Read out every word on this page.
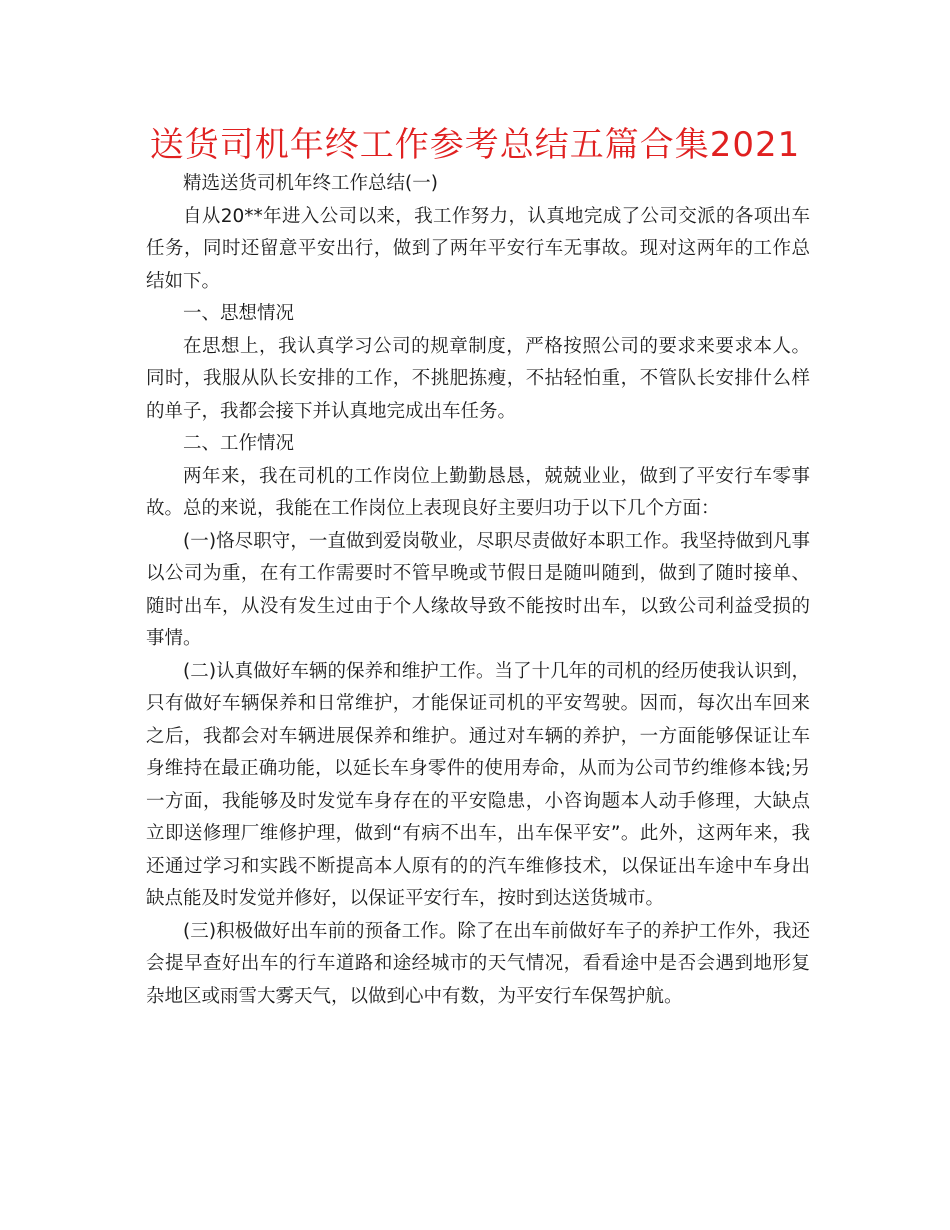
送货司机年终工作参考总结五篇合集2021

精选送货司机年终工作总结(一)

自从20**年进入公司以来，我工作努力，认真地完成了公司交派的各项出车任务，同时还留意平安出行，做到了两年平安行车无事故。现对这两年的工作总结如下。

一、思想情况

在思想上，我认真学习公司的规章制度，严格按照公司的要求来要求本人。同时，我服从队长安排的工作，不挑肥拣瘦，不拈轻怕重，不管队长安排什么样的单子，我都会接下并认真地完成出车任务。

二、工作情况

两年来，我在司机的工作岗位上勤勤恳恳，兢兢业业，做到了平安行车零事故。总的来说，我能在工作岗位上表现良好主要归功于以下几个方面：

(一)恪尽职守，一直做到爱岗敬业，尽职尽责做好本职工作。我坚持做到凡事以公司为重，在有工作需要时不管早晚或节假日是随叫随到，做到了随时接单、随时出车，从没有发生过由于个人缘故导致不能按时出车，以致公司利益受损的事情。

(二)认真做好车辆的保养和维护工作。当了十几年的司机的经历使我认识到，只有做好车辆保养和日常维护，才能保证司机的平安驾驶。因而，每次出车回来之后，我都会对车辆进展保养和维护。通过对车辆的养护，一方面能够保证让车身维持在最正确功能，以延长车身零件的使用寿命，从而为公司节约维修本钱;另一方面，我能够及时发觉车身存在的平安隐患，小咨询题本人动手修理，大缺点立即送修理厂维修护理，做到“有病不出车，出车保平安”。此外，这两年来，我还通过学习和实践不断提高本人原有的的汽车维修技术，以保证出车途中车身出缺点能及时发觉并修好，以保证平安行车，按时到达送货城市。

(三)积极做好出车前的预备工作。除了在出车前做好车子的养护工作外，我还会提早查好出车的行车道路和途经城市的天气情况，看看途中是否会遇到地形复杂地区或雨雪大雾天气，以做到心中有数，为平安行车保驾护航。
